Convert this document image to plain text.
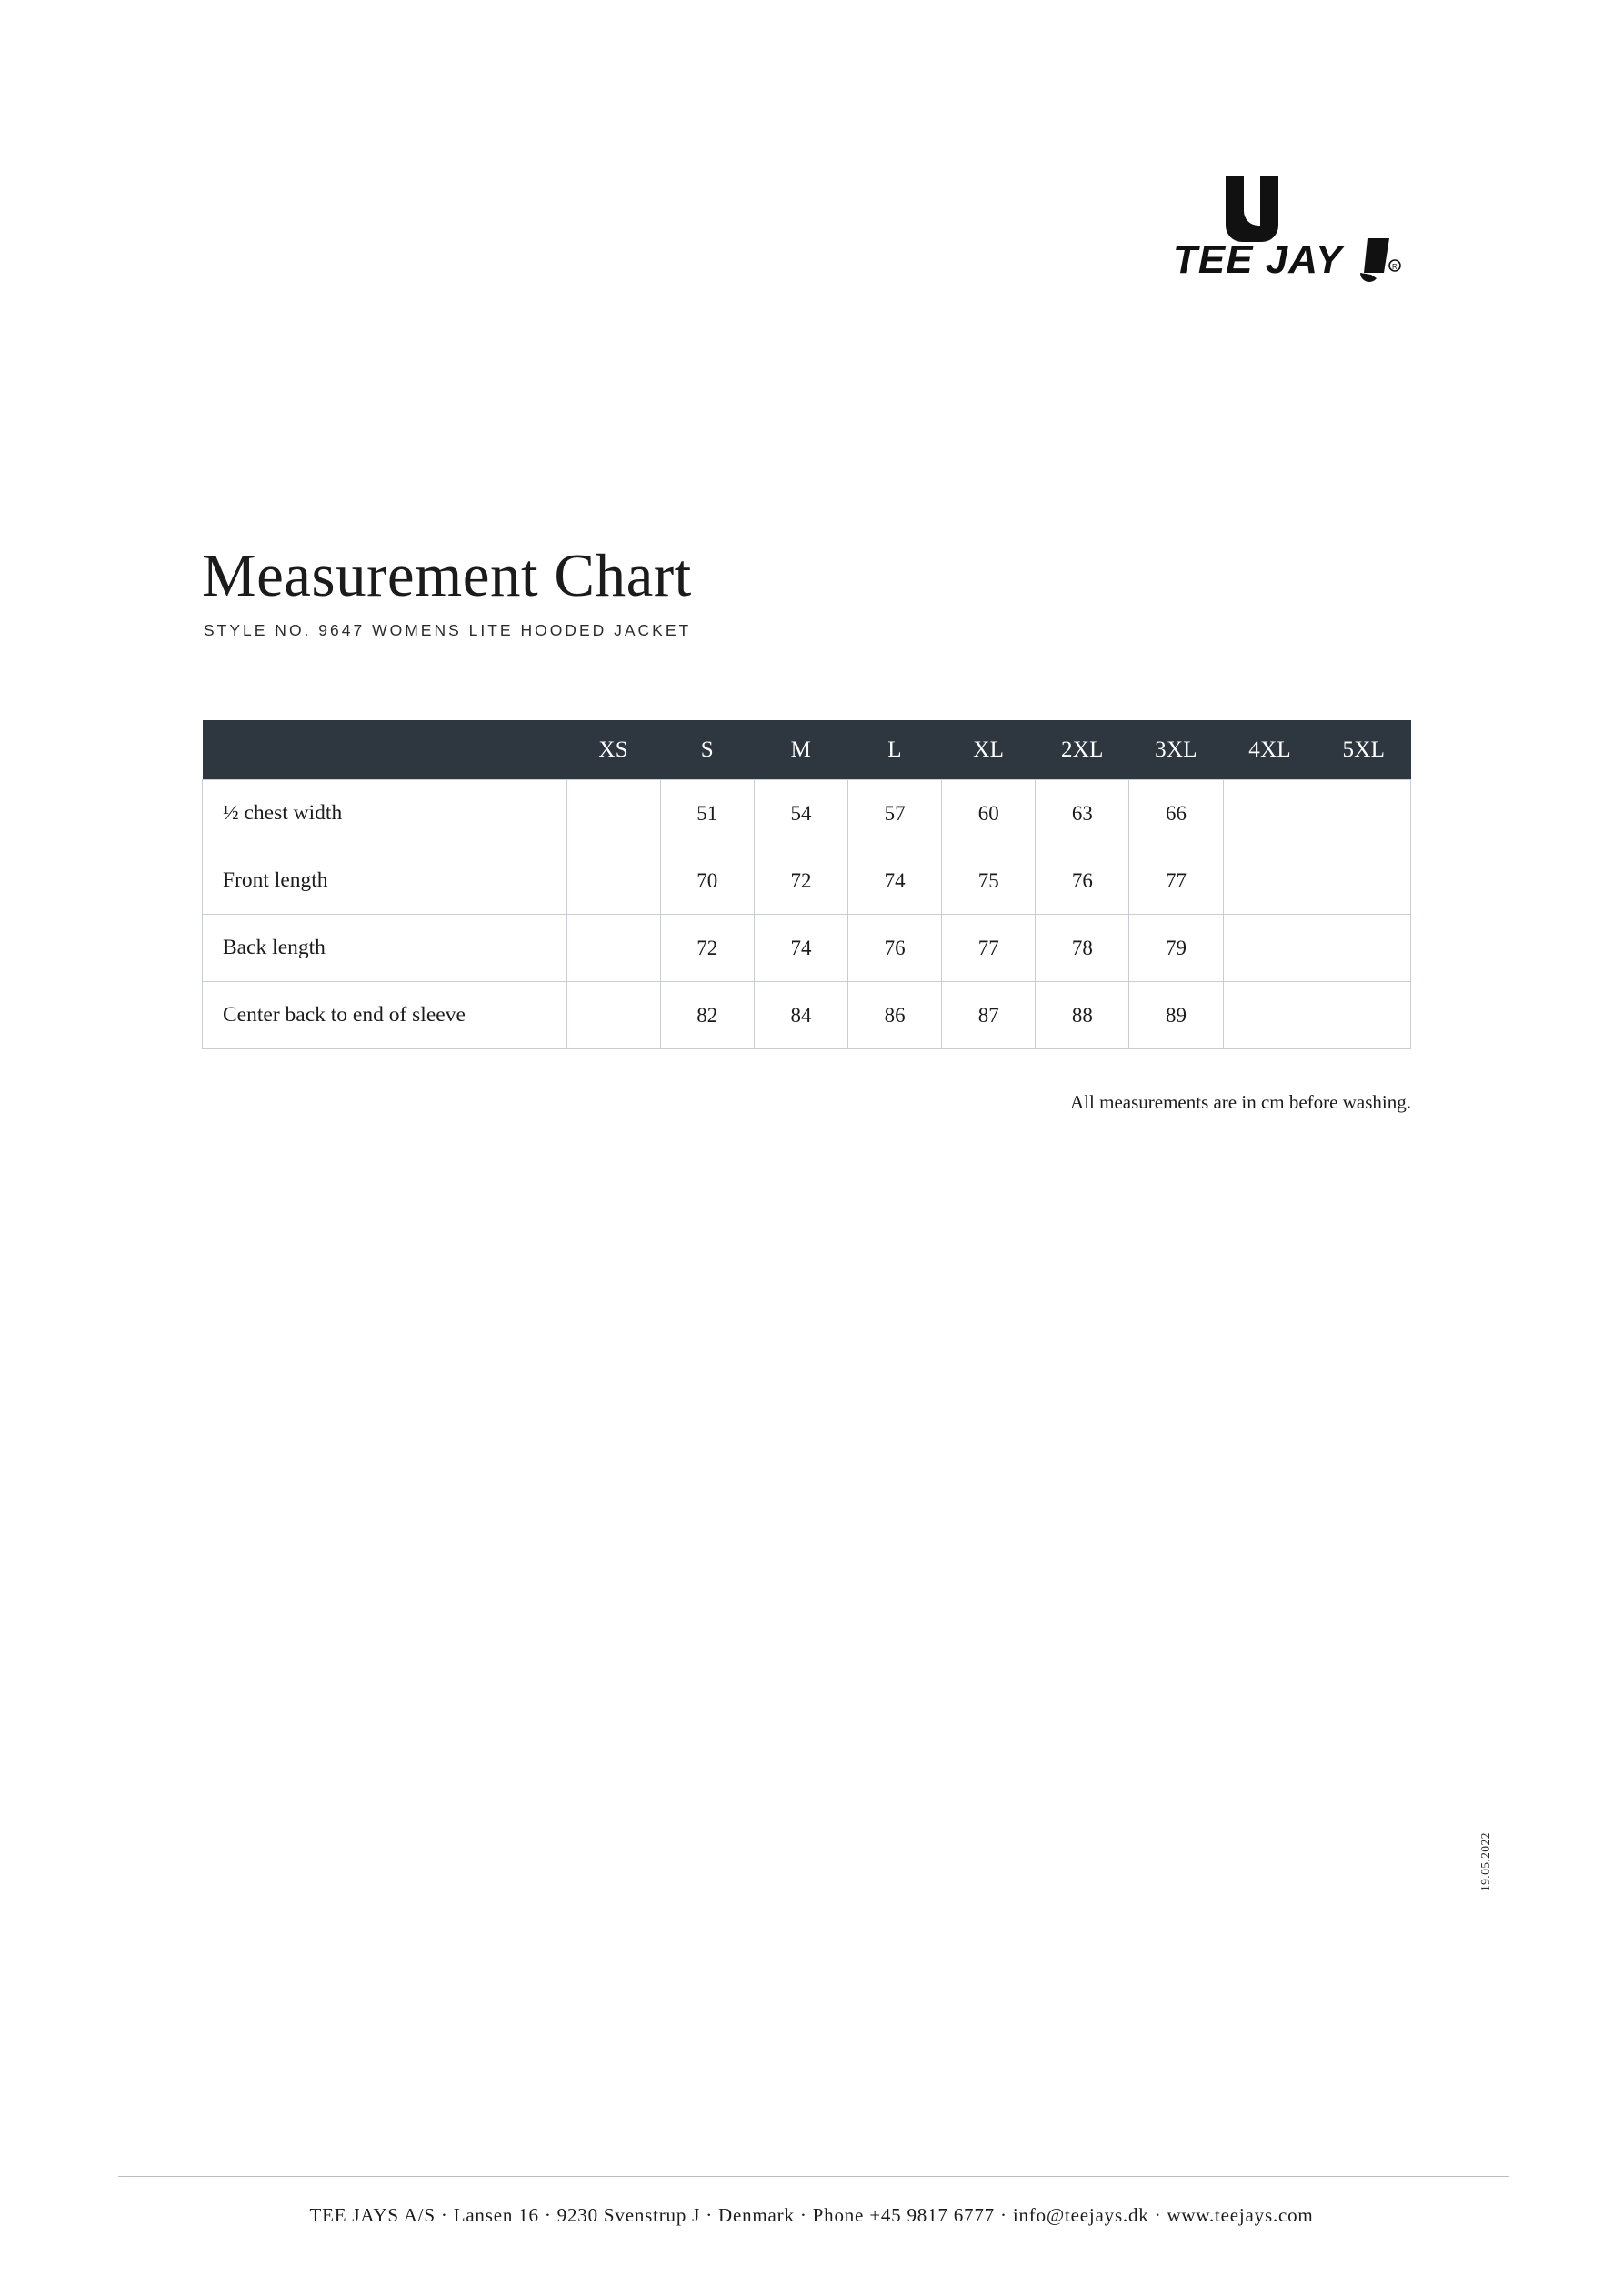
TEE JAY	R
Measurement Chart
STYLE NO. 9647 WOMENS LITE HOODED JACKET
	XS	S	M	L	XL	2XL	3XL	4XL	5XL
½ chest width		51	54	57	60	63	66		
Front length		70	72	74	75	76	77		
Back length		72	74	76	77	78	79		
Center back to end of sleeve		82	84	86	87	88	89		
All measurements are in cm before washing.
19.05.2022
TEE JAYS A/S · Lansen 16 · 9230 Svenstrup J · Denmark · Phone +45 9817 6777 · info@teejays.dk · www.teejays.com
